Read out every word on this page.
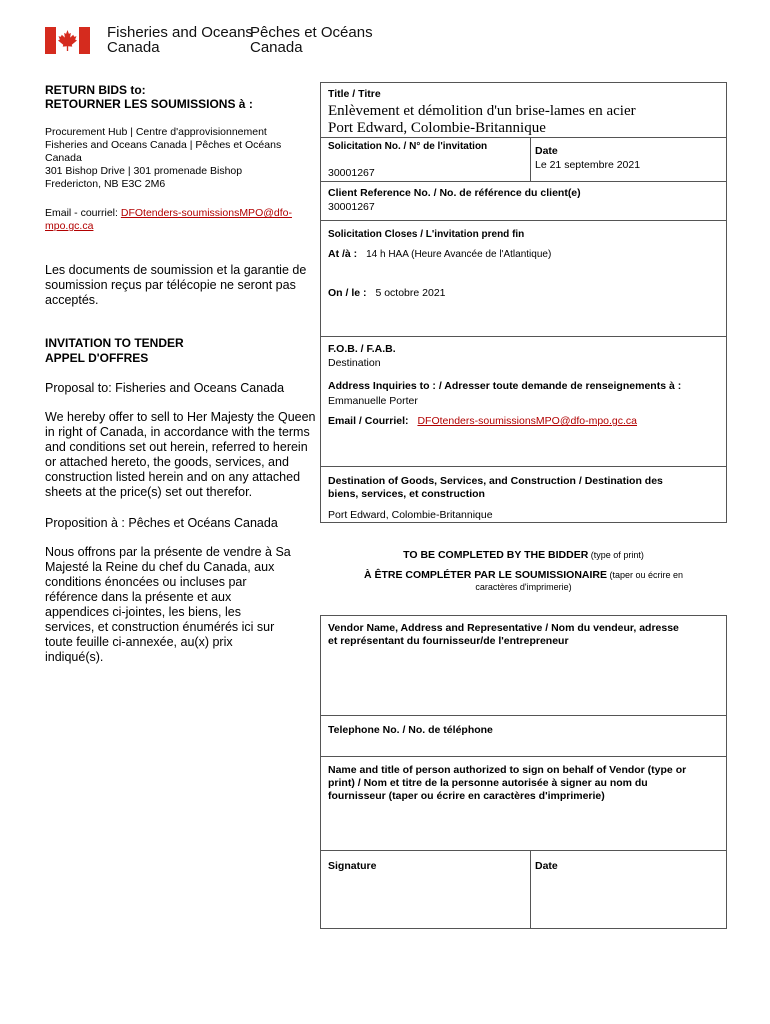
Fisheries and Oceans
Canada
Pêches et Océans
Canada
RETURN BIDS to:
RETOURNER LES SOUMISSIONS à :
Procurement Hub | Centre d'approvisionnement
Fisheries and Oceans Canada | Pêches et Océans
Canada
301 Bishop Drive | 301 promenade Bishop
Fredericton, NB E3C 2M6
Email - courriel: DFOtenders-soumissionsMPO@dfo-
mpo.gc.ca
Les documents de soumission et la garantie de
soumission reçus par télécopie ne seront pas
acceptés.
INVITATION TO TENDER
APPEL D'OFFRES
Proposal to: Fisheries and Oceans Canada
We hereby offer to sell to Her Majesty the Queen
in right of Canada, in accordance with the terms
and conditions set out herein, referred to herein
or attached hereto, the goods, services, and
construction listed herein and on any attached
sheets at the price(s) set out therefor.
Proposition à : Pêches et Océans Canada
Nous offrons par la présente de vendre à Sa
Majesté la Reine du chef du Canada, aux
conditions énoncées ou incluses par
référence dans la présente et aux
appendices ci-jointes, les biens, les
services, et construction énumérés ici sur
toute feuille ci-annexée, au(x) prix
indiqué(s).
Title / Titre
Enlèvement et démolition d'un brise-lames en acier
Port Edward, Colombie-Britannique
Solicitation No. / N° de l'invitation
30001267
Date
Le 21 septembre 2021
Client Reference No. / No. de référence du client(e)
30001267
Solicitation Closes / L'invitation prend fin
At /à : 14 h HAA (Heure Avancée de l'Atlantique)
On / le : 5 octobre 2021
F.O.B. / F.A.B.
Destination
Address Inquiries to : / Adresser toute demande de renseignements à :
Emmanuelle Porter
Email / Courriel: DFOtenders-soumissionsMPO@dfo-mpo.gc.ca
Destination of Goods, Services, and Construction / Destination des
biens, services, et construction
Port Edward, Colombie-Britannique
TO BE COMPLETED BY THE BIDDER (type of print)
À ÊTRE COMPLÉTER PAR LE SOUMISSIONAIRE (taper ou écrire en
caractères d'imprimerie)
Vendor Name, Address and Representative / Nom du vendeur, adresse
et représentant du fournisseur/de l'entrepreneur
Telephone No. / No. de téléphone
Name and title of person authorized to sign on behalf of Vendor (type or
print) / Nom et titre de la personne autorisée à signer au nom du
fournisseur (taper ou écrire en caractères d'imprimerie)
Signature	Date
